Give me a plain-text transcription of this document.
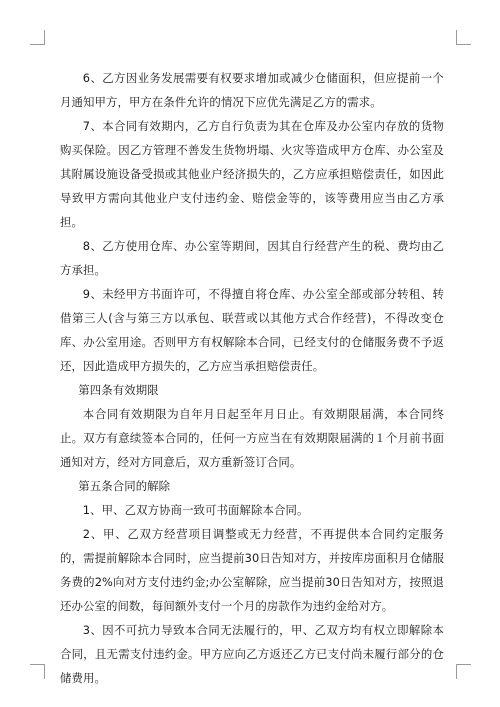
6、乙方因业务发展需要有权要求增加或减少仓储面积，但应提前一个月通知甲方，甲方在条件允许的情况下应优先满足乙方的需求。

7、本合同有效期内，乙方自行负责为其在仓库及办公室内存放的货物购买保险。因乙方管理不善发生货物坍塌、火灾等造成甲方仓库、办公室及其附属设施设备受损或其他业户经济损失的，乙方应承担赔偿责任，如因此导致甲方需向其他业户支付违约金、赔偿金等的，该等费用应当由乙方承担。

8、乙方使用仓库、办公室等期间，因其自行经营产生的税、费均由乙方承担。

9、未经甲方书面许可，不得擅自将仓库、办公室全部或部分转租、转借第三人(含与第三方以承包、联营或以其他方式合作经营)，不得改变仓库、办公室用途。否则甲方有权解除本合同，已经支付的仓储服务费不予返还，因此造成甲方损失的，乙方应当承担赔偿责任。

第四条有效期限

本合同有效期限为自年月日起至年月日止。有效期限届满，本合同终止。双方有意续签本合同的，任何一方应当在有效期限届满的１个月前书面通知对方，经对方同意后，双方重新签订合同。

第五条合同的解除

1、甲、乙双方协商一致可书面解除本合同。

2、甲、乙双方经营项目调整或无力经营，不再提供本合同约定服务的，需提前解除本合同时，应当提前30日告知对方，并按库房面积月仓储服务费的2%向对方支付违约金;办公室解除，应当提前30日告知对方，按照退还办公室的间数，每间额外支付一个月的房款作为违约金给对方。

3、因不可抗力导致本合同无法履行的，甲、乙双方均有权立即解除本合同，且无需支付违约金。甲方应向乙方返还乙方已支付尚未履行部分的仓储费用。
